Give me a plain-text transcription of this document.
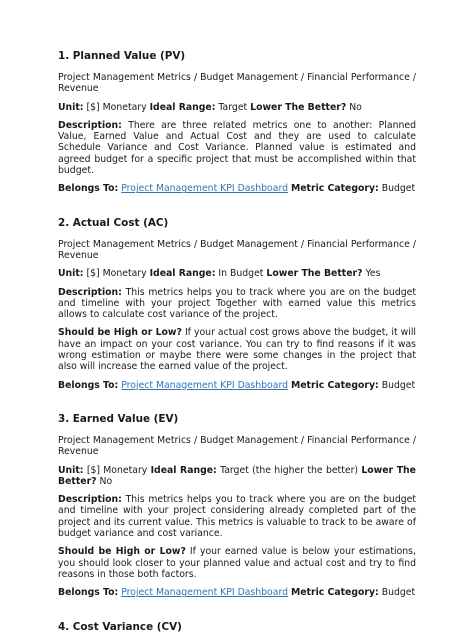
1. Planned Value (PV)

Project Management Metrics / Budget Management / Financial Performance / Revenue

Unit: [$] Monetary Ideal Range: Target Lower The Better? No

Description: There are three related metrics one to another: Planned Value, Earned Value and Actual Cost and they are used to calculate Schedule Variance and Cost Variance. Planned value is estimated and agreed budget for a specific project that must be accomplished within that budget.

Belongs To: Project Management KPI Dashboard Metric Category: Budget

2. Actual Cost (AC)

Project Management Metrics / Budget Management / Financial Performance / Revenue

Unit: [$] Monetary Ideal Range: In Budget Lower The Better? Yes

Description: This metrics helps you to track where you are on the budget and timeline with your project Together with earned value this metrics allows to calculate cost variance of the project.

Should be High or Low? If your actual cost grows above the budget, it will have an impact on your cost variance. You can try to find reasons if it was wrong estimation or maybe there were some changes in the project that also will increase the earned value of the project.

Belongs To: Project Management KPI Dashboard Metric Category: Budget

3. Earned Value (EV)

Project Management Metrics / Budget Management / Financial Performance / Revenue

Unit: [$] Monetary Ideal Range: Target (the higher the better) Lower The Better? No

Description: This metrics helps you to track where you are on the budget and timeline with your project considering already completed part of the project and its current value. This metrics is valuable to track to be aware of budget variance and cost variance.

Should be High or Low? If your earned value is below your estimations, you should look closer to your planned value and actual cost and try to find reasons in those both factors.

Belongs To: Project Management KPI Dashboard Metric Category: Budget

4. Cost Variance (CV)
